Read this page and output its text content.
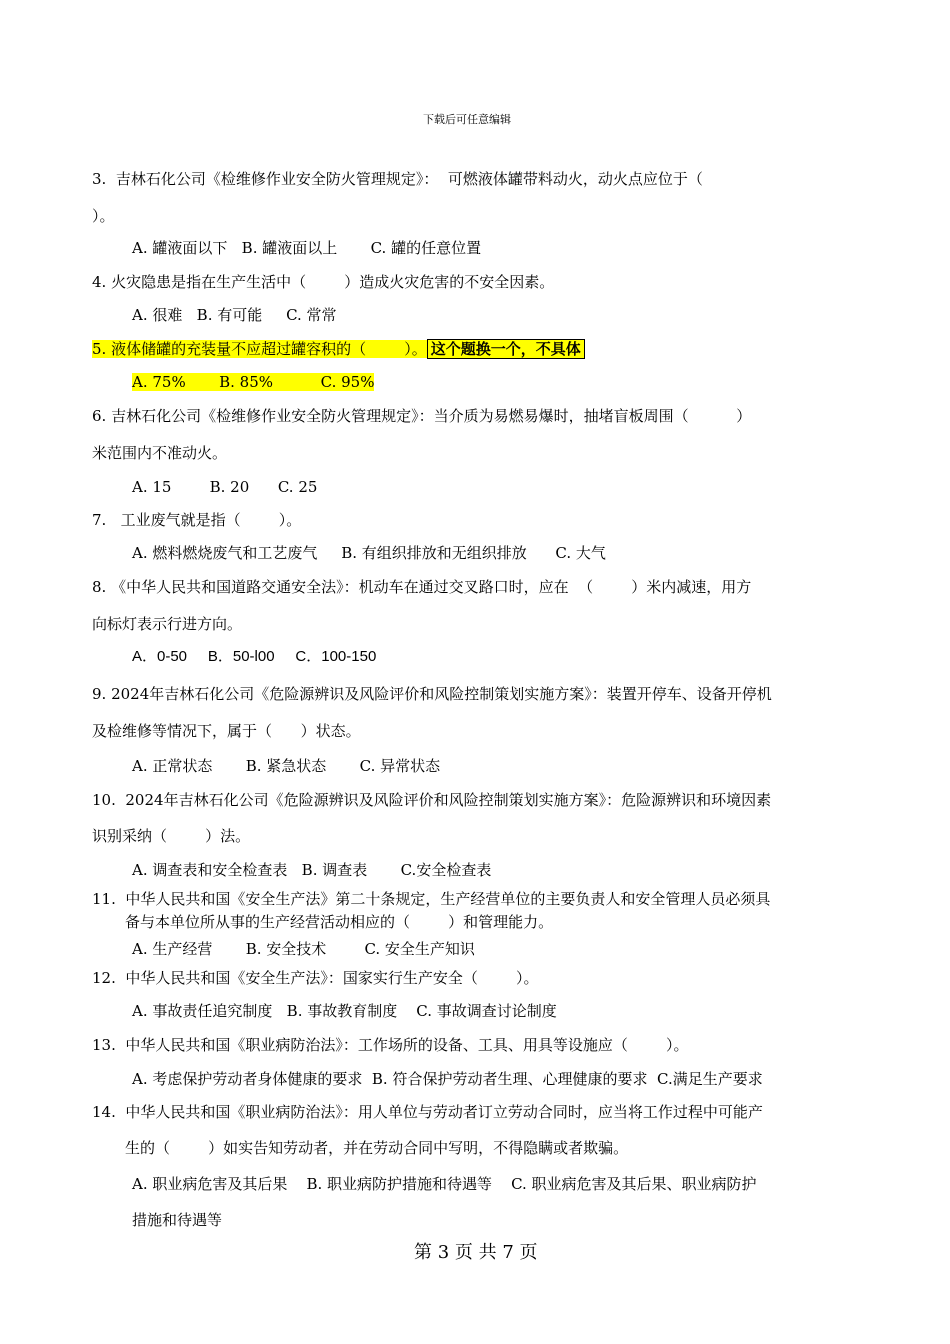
下载后可任意编辑
3.  吉林石化公司《检维修作业安全防火管理规定》：  可燃液体罐带料动火，动火点应位于（
）。
A. 罐液面以下   B. 罐液面以上       C. 罐的任意位置
4. 火灾隐患是指在生产生活中（        ）造成火灾危害的不安全因素。
A. 很难   B. 有可能     C. 常常
5. 液体储罐的充装量不应超过罐容积的（        ）。 这个题换一个，不具体
A. 75%       B. 85%          C. 95%
6. 吉林石化公司《检维修作业安全防火管理规定》：当介质为易燃易爆时，抽堵盲板周围（          ）
米范围内不准动火。
A. 15        B. 20      C. 25
7.   工业废气就是指（        ）。
A. 燃料燃烧废气和工艺废气     B. 有组织排放和无组织排放      C. 大气
8. 《中华人民共和国道路交通安全法》：机动车在通过交叉路口时，应在  （        ）米内减速，用方
向标灯表示行进方向。
A．0-50     B．50-l00     C．100-150
9. 2024年吉林石化公司《危险源辨识及风险评价和风险控制策划实施方案》：装置开停车、设备开停机
及检维修等情况下，属于（      ）状态。
A. 正常状态       B. 紧急状态       C. 异常状态
10.  2024年吉林石化公司《危险源辨识及风险评价和风险控制策划实施方案》：危险源辨识和环境因素
识别采纳（        ）法。
A. 调查表和安全检查表   B. 调查表       C.安全检查表
11.  中华人民共和国《安全生产法》第二十条规定，生产经营单位的主要负责人和安全管理人员必须具
备与本单位所从事的生产经营活动相应的（        ）和管理能力。
A. 生产经营       B. 安全技术        C. 安全生产知识
12.  中华人民共和国《安全生产法》：国家实行生产安全（        ）。
A. 事故责任追究制度   B. 事故教育制度    C. 事故调查讨论制度
13.  中华人民共和国《职业病防治法》：工作场所的设备、工具、用具等设施应（        ）。
A. 考虑保护劳动者身体健康的要求  B. 符合保护劳动者生理、心理健康的要求  C.满足生产要求
14.  中华人民共和国《职业病防治法》：用人单位与劳动者订立劳动合同时，应当将工作过程中可能产
生的（        ）如实告知劳动者，并在劳动合同中写明，不得隐瞒或者欺骗。
A. 职业病危害及其后果    B. 职业病防护措施和待遇等    C. 职业病危害及其后果、职业病防护
措施和待遇等
第 3 页 共 7 页
